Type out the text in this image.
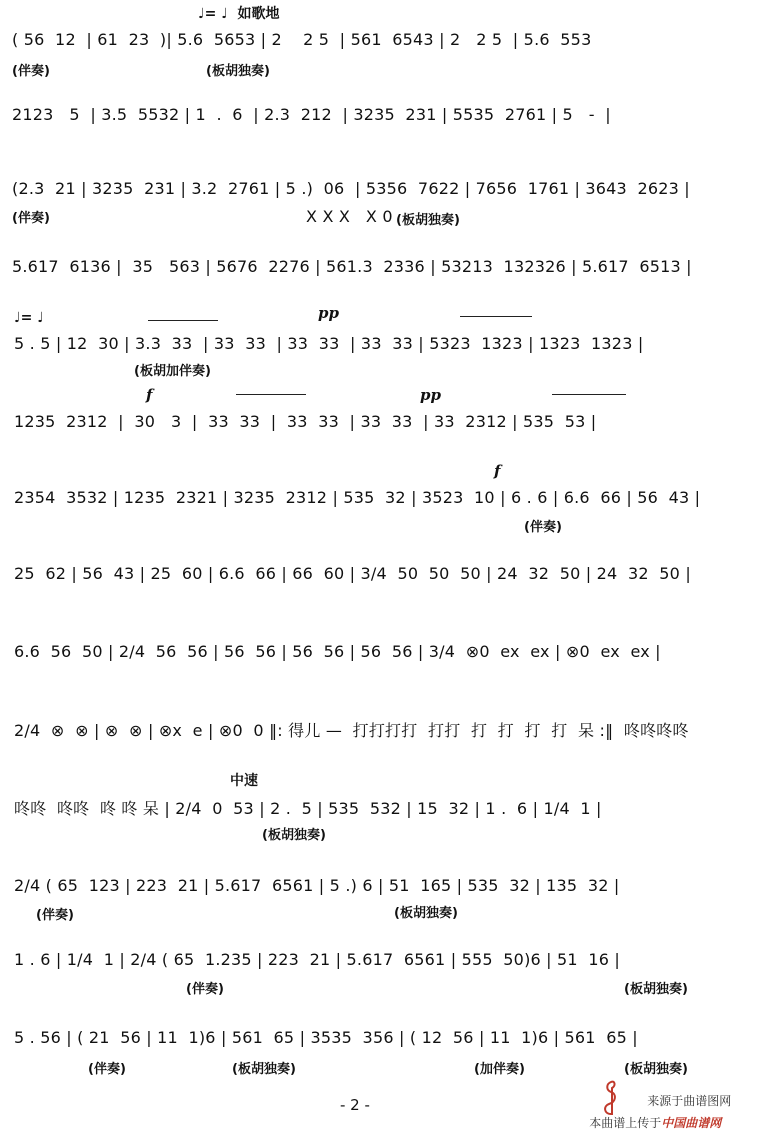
♩= ♩  如歌地
( 56  12  | 61  23  )| 5.6  5653 | 2    2 5  | 561  6543 | 2   2 5  | 5.6  553
(伴奏)	(板胡独奏)
2123   5  | 3.5  5532 | 1  .  6  | 2.3  212  | 3235  231 | 5535  2761 | 5   -  |
(2.3  21 | 3235  231 | 3.2  2761 | 5 .)  06  | 5356  7622 | 7656  1761 | 3643  2623 |
(伴奏)	X X X   X 0 (板胡独奏)
5.617  6136 |  35   563 | 5676  2276 | 561.3  2336 | 53213  132326 | 5.617  6513 |
♩= ♩	pp
5 . 5 | 12  30 | 3.3  33  | 33  33  | 33  33  | 33  33 | 5323  1323 | 1323  1323 |
(板胡加伴奏)
f	pp
1235  2312  |  30   3  |  33  33  |  33  33  | 33  33  | 33  2312 | 535  53 |
f
2354  3532 | 1235  2321 | 3235  2312 | 535  32 | 3523  10 | 6 . 6 | 6.6  66 | 56  43 |
(伴奏)
25  62 | 56  43 | 25  60 | 6.6  66 | 66  60 | 3/4  50  50  50 | 24  32  50 | 24  32  50 |
6.6  56  50 | 2/4  56  56 | 56  56 | 56  56 | 56  56 | 3/4  ⊗0  ex  ex | ⊗0  ex  ex |
2/4  ⊗  ⊗ | ⊗  ⊗ | ⊗x  e | ⊗0  0 ‖: 得儿 —  打打打打  打打  打  打  打  打  呆 :‖  咚咚咚咚
中速
咚咚  咚咚  咚 咚 呆 | 2/4  0  53 | 2 .  5 | 535  532 | 15  32 | 1 .  6 | 1/4  1 |
(板胡独奏)
2/4 ( 65  123 | 223  21 | 5.617  6561 | 5 .) 6 | 51  165 | 535  32 | 135  32 |
(伴奏)	(板胡独奏)
1 . 6 | 1/4  1 | 2/4 ( 65  1.235 | 223  21 | 5.617  6561 | 555  50)6 | 51  16 |
(伴奏)	(板胡独奏)
5 . 56 | ( 21  56 | 11  1)6 | 561  65 | 3535  356 | ( 12  56 | 11  1)6 | 561  65 |
(伴奏)	(板胡独奏)	(加伴奏)	(板胡独奏)
- 2 -	来源于曲谱图网

本曲谱上传于中国曲谱网
